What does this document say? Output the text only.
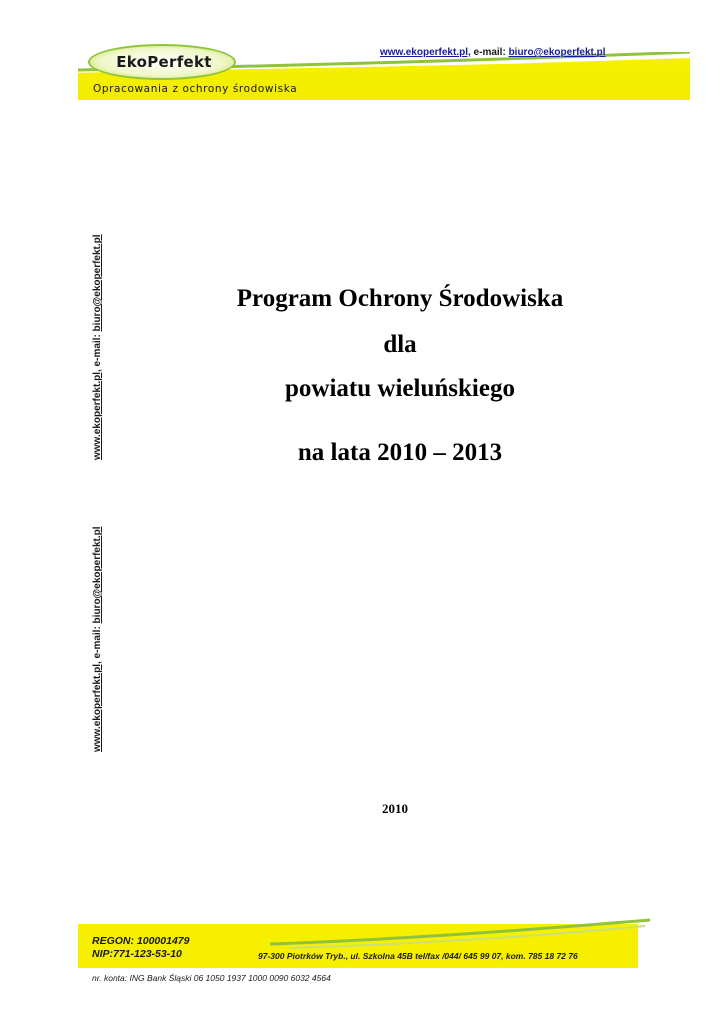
EkoPerfekt
Opracowania z ochrony środowiska
www.ekoperfekt.pl, e-mail: biuro@ekoperfekt.pl
www.ekoperfekt.pl, e-mail: biuro@ekoperfekt.pl
www.ekoperfekt.pl, e-mail: biuro@ekoperfekt.pl
Program Ochrony Środowiska
dla
powiatu wieluńskiego
na lata 2010 – 2013
2010
REGON: 100001479
NIP:771-123-53-10	97-300 Piotrków Tryb., ul. Szkolna 45B tel/fax /044/ 645 99 07, kom. 785 18 72 76
nr. konta: ING Bank Śląski 06 1050 1937 1000 0090 6032 4564
